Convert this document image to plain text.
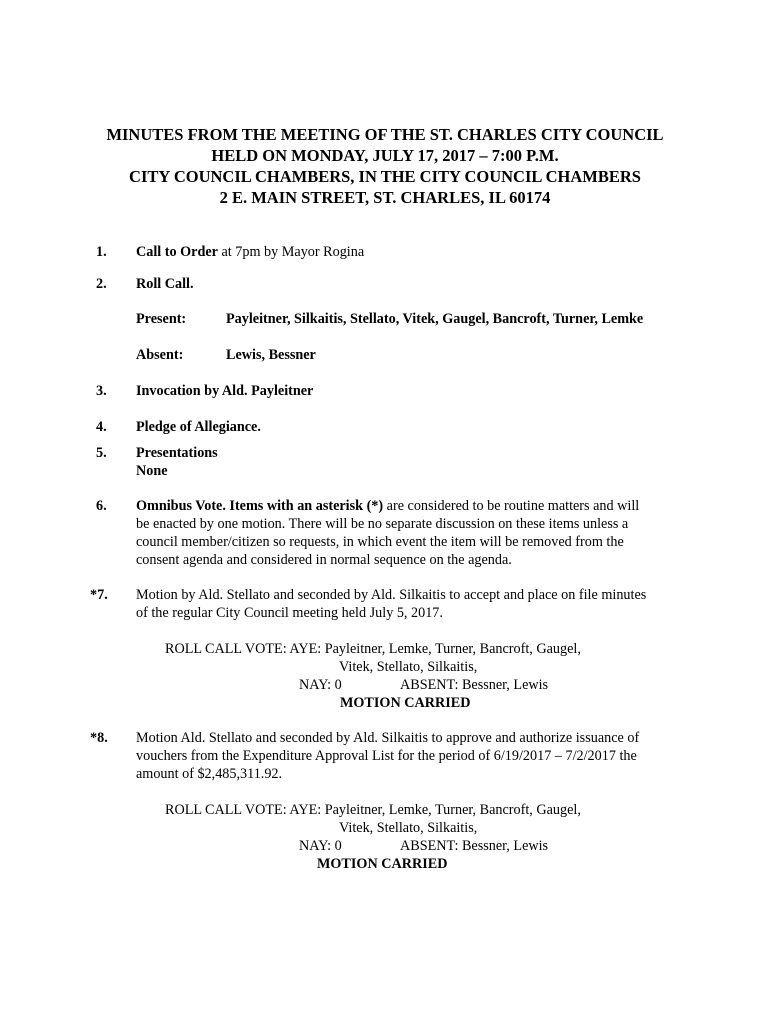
MINUTES FROM THE MEETING OF THE ST. CHARLES CITY COUNCIL
HELD ON MONDAY, JULY 17, 2017 – 7:00 P.M.
CITY COUNCIL CHAMBERS, IN THE CITY COUNCIL CHAMBERS
2 E. MAIN STREET, ST. CHARLES, IL 60174
1. Call to Order at 7pm by Mayor Rogina
2. Roll Call.
Present:	Payleitner, Silkaitis, Stellato, Vitek, Gaugel, Bancroft, Turner, Lemke
Absent:	Lewis, Bessner
3. Invocation by Ald. Payleitner
4. Pledge of Allegiance.
5. Presentations
None
6. Omnibus Vote. Items with an asterisk (*) are considered to be routine matters and will
be enacted by one motion. There will be no separate discussion on these items unless a
council member/citizen so requests, in which event the item will be removed from the
consent agenda and considered in normal sequence on the agenda.
*7. Motion by Ald. Stellato and seconded by Ald. Silkaitis to accept and place on file minutes
of the regular City Council meeting held July 5, 2017.
ROLL CALL VOTE: AYE: Payleitner, Lemke, Turner, Bancroft, Gaugel,
Vitek, Stellato, Silkaitis,
NAY: 0	ABSENT: Bessner, Lewis
MOTION CARRIED
*8. Motion Ald. Stellato and seconded by Ald. Silkaitis to approve and authorize issuance of
vouchers from the Expenditure Approval List for the period of 6/19/2017 – 7/2/2017 the
amount of $2,485,311.92.
ROLL CALL VOTE: AYE: Payleitner, Lemke, Turner, Bancroft, Gaugel,
Vitek, Stellato, Silkaitis,
NAY: 0	ABSENT: Bessner, Lewis
MOTION CARRIED
